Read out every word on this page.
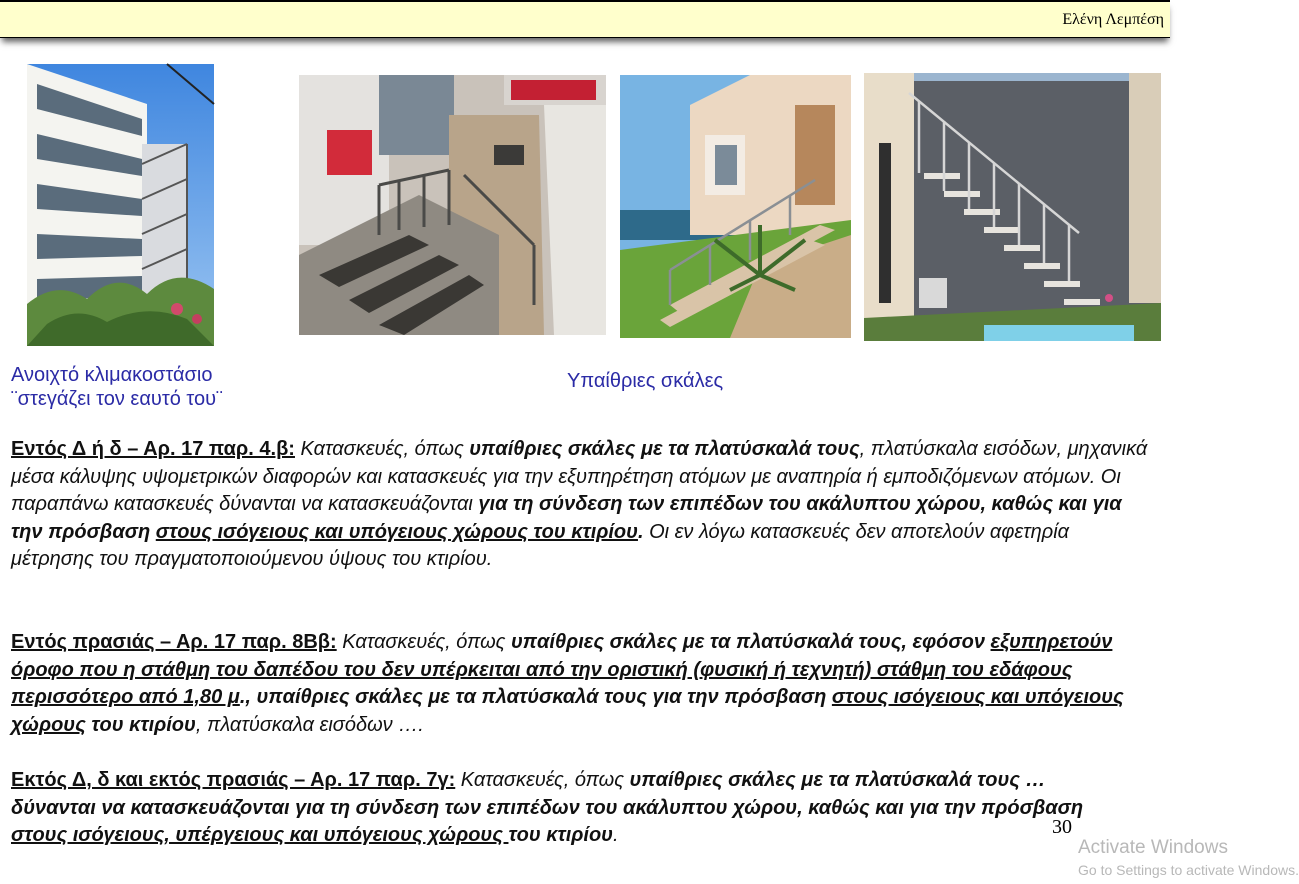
Ελένη Λεμπέση
Ανοιχτό κλιμακοστάσιο
¨στεγάζει τον εαυτό του¨
Υπαίθριες σκάλες
Εντός Δ ή δ – Αρ. 17 παρ. 4.β: Κατασκευές, όπως υπαίθριες σκάλες με τα πλατύσκαλά τους, πλατύσκαλα εισόδων, μηχανικά μέσα κάλυψης υψομετρικών διαφορών και κατασκευές για την εξυπηρέτηση ατόμων με αναπηρία ή εμποδιζόμενων ατόμων. Οι παραπάνω κατασκευές δύνανται να κατασκευάζονται για τη σύνδεση των επιπέδων του ακάλυπτου χώρου, καθώς και για την πρόσβαση στους ισόγειους και υπόγειους χώρους του κτιρίου. Οι εν λόγω κατασκευές δεν αποτελούν αφετηρία μέτρησης του πραγματοποιούμενου ύψους του κτιρίου.
Εντός πρασιάς – Αρ. 17 παρ. 8Ββ: Κατασκευές, όπως υπαίθριες σκάλες με τα πλατύσκαλά τους, εφόσον εξυπηρετούν όροφο που η στάθμη του δαπέδου του δεν υπέρκειται από την οριστική (φυσική ή τεχνητή) στάθμη του εδάφους περισσότερο από 1,80 μ., υπαίθριες σκάλες με τα πλατύσκαλά τους για την πρόσβαση στους ισόγειους και υπόγειους χώρους του κτιρίου, πλατύσκαλα εισόδων ….
Εκτός Δ, δ και εκτός πρασιάς – Αρ. 17 παρ. 7γ: Κατασκευές, όπως υπαίθριες σκάλες με τα πλατύσκαλά τους … δύνανται να κατασκευάζονται για τη σύνδεση των επιπέδων του ακάλυπτου χώρου, καθώς και για την πρόσβαση στους ισόγειους, υπέργειους και υπόγειους χώρους του κτιρίου.	30
Activate Windows
Go to Settings to activate Windows.
